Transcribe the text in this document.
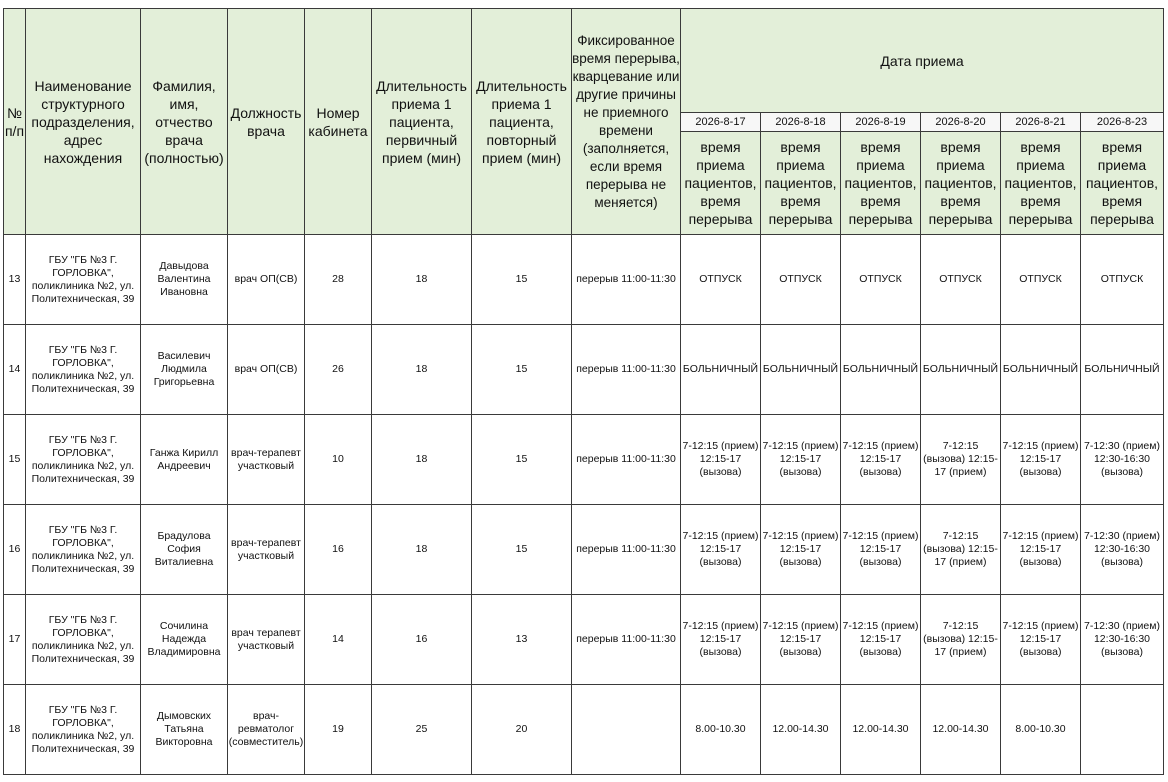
№ п/п	Наименование структурного подразделения, адрес нахождения	Фамилия, имя, отчество врача (полностью)	Должность врача	Номер кабинета	Длительность приема 1 пациента, первичный прием (мин)	Длительность приема 1 пациента, повторный прием (мин)	Фиксированное время перерыва, кварцевание или другие причины не приемного времени (заполняется, если время перерыва не меняется)	Дата приема					
								2026-8-17	2026-8-18	2026-8-19	2026-8-20	2026-8-21	2026-8-23
								время приема пациентов, время перерыва	время приема пациентов, время перерыва	время приема пациентов, время перерыва	время приема пациентов, время перерыва	время приема пациентов, время перерыва	время приема пациентов, время перерыва
13	ГБУ "ГБ №3 Г. ГОРЛОВКА", поликлиника №2, ул. Политехническая, 39	Давыдова Валентина Ивановна	врач ОП(СВ)	28	18	15	перерыв 11:00-11:30	ОТПУСК	ОТПУСК	ОТПУСК	ОТПУСК	ОТПУСК	ОТПУСК
14	ГБУ "ГБ №3 Г. ГОРЛОВКА", поликлиника №2, ул. Политехническая, 39	Василевич Людмила Григорьевна	врач ОП(СВ)	26	18	15	перерыв 11:00-11:30	БОЛЬНИЧНЫЙ	БОЛЬНИЧНЫЙ	БОЛЬНИЧНЫЙ	БОЛЬНИЧНЫЙ	БОЛЬНИЧНЫЙ	БОЛЬНИЧНЫЙ
15	ГБУ "ГБ №3 Г. ГОРЛОВКА", поликлиника №2, ул. Политехническая, 39	Ганжа Кирилл Андреевич	врач-терапевт участковый	10	18	15	перерыв 11:00-11:30	7-12:15 (прием) 12:15-17 (вызова)	7-12:15 (прием) 12:15-17 (вызова)	7-12:15 (прием) 12:15-17 (вызова)	7-12:15 (вызова) 12:15-17 (прием)	7-12:15 (прием) 12:15-17 (вызова)	7-12:30 (прием) 12:30-16:30 (вызова)
16	ГБУ "ГБ №3 Г. ГОРЛОВКА", поликлиника №2, ул. Политехническая, 39	Брадулова София Виталиевна	врач-терапевт участковый	16	18	15	перерыв 11:00-11:30	7-12:15 (прием) 12:15-17 (вызова)	7-12:15 (прием) 12:15-17 (вызова)	7-12:15 (прием) 12:15-17 (вызова)	7-12:15 (вызова) 12:15-17 (прием)	7-12:15 (прием) 12:15-17 (вызова)	7-12:30 (прием) 12:30-16:30 (вызова)
17	ГБУ "ГБ №3 Г. ГОРЛОВКА", поликлиника №2, ул. Политехническая, 39	Сочилина Надежда Владимировна	врач терапевт участковый	14	16	13	перерыв 11:00-11:30	7-12:15 (прием) 12:15-17 (вызова)	7-12:15 (прием) 12:15-17 (вызова)	7-12:15 (прием) 12:15-17 (вызова)	7-12:15 (вызова) 12:15-17 (прием)	7-12:15 (прием) 12:15-17 (вызова)	7-12:30 (прием) 12:30-16:30 (вызова)
18	ГБУ "ГБ №3 Г. ГОРЛОВКА", поликлиника №2, ул. Политехническая, 39	Дымовских Татьяна Викторовна	врач-ревматолог (совместитель)	19	25	20		8.00-10.30	12.00-14.30	12.00-14.30	12.00-14.30	8.00-10.30	
